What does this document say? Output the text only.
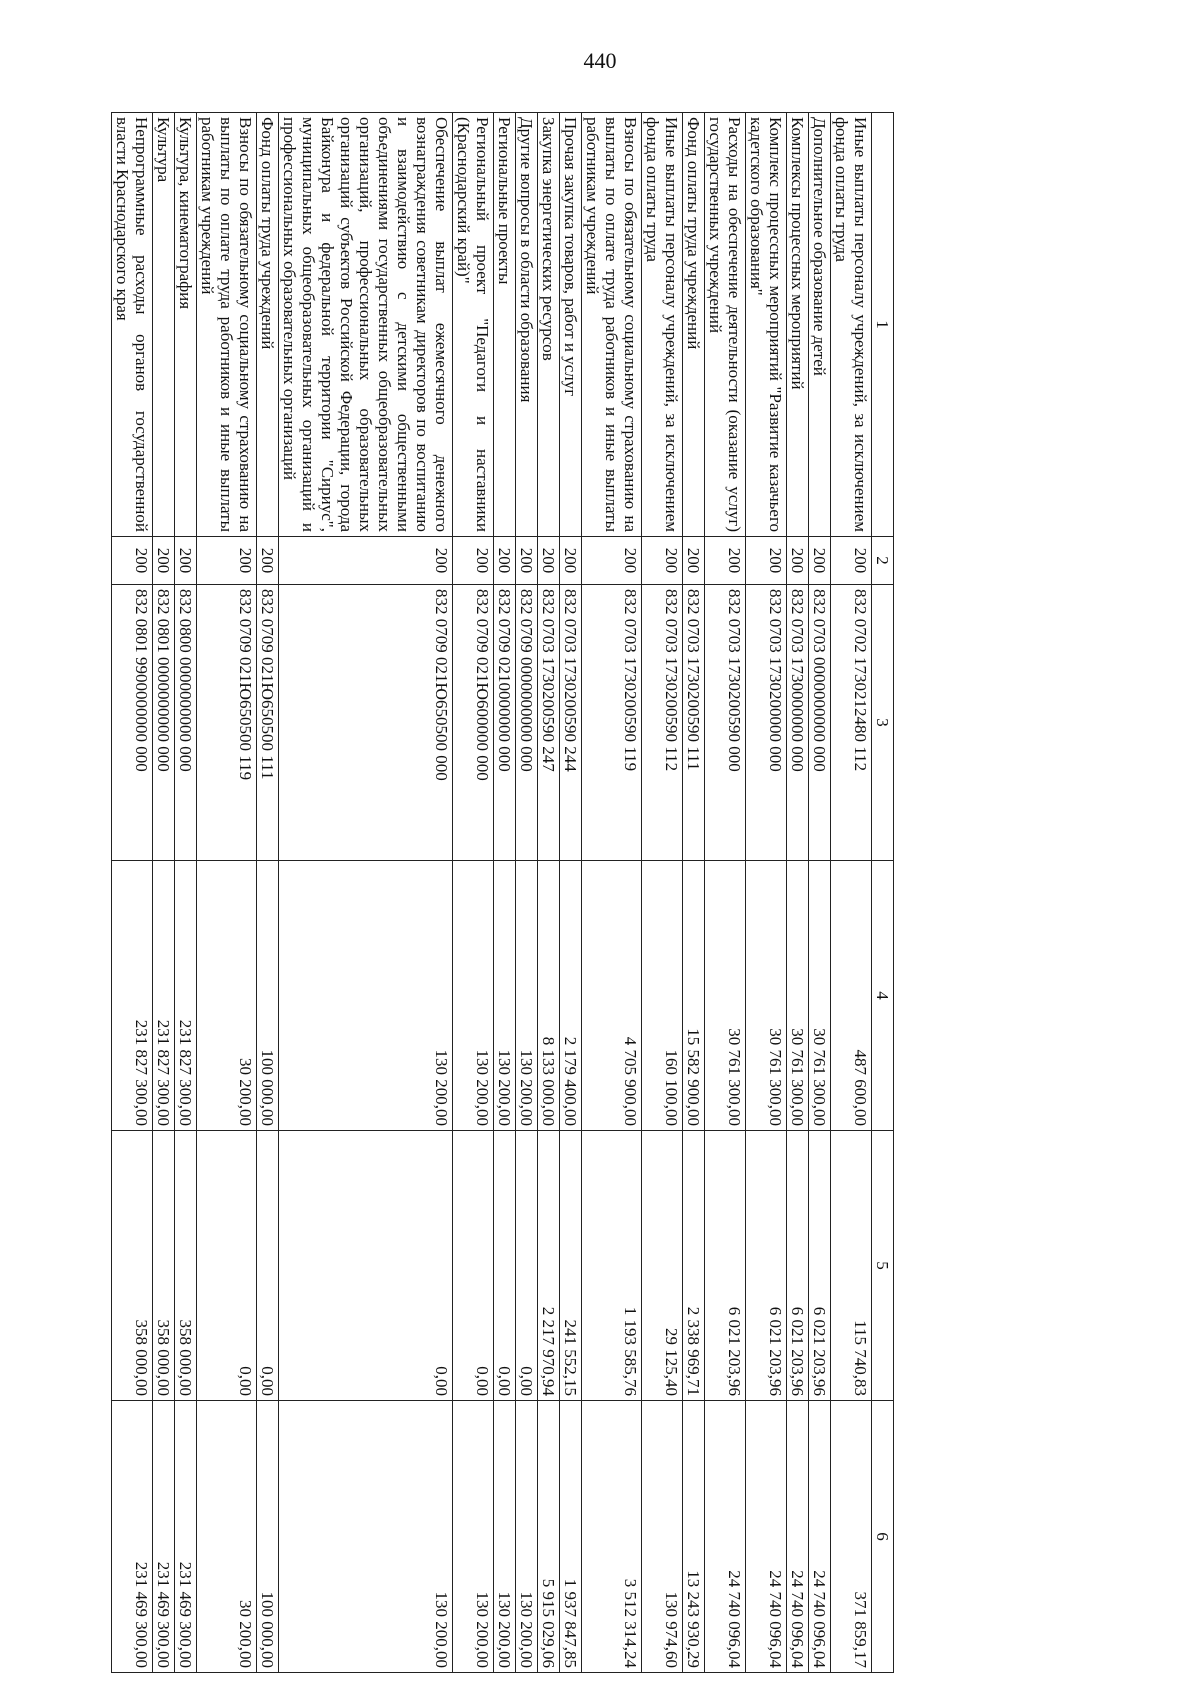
440
1	2	3	4	5	6
Иные выплаты персоналу учреждений, за исключением фонда оплаты труда	200	832 0702 1730212480 112	487 600,00	115 740,83	371 859,17
Дополнительное образование детей	200	832 0703 0000000000 000	30 761 300,00	6 021 203,96	24 740 096,04
Комплексы процессных мероприятий	200	832 0703 1730000000 000	30 761 300,00	6 021 203,96	24 740 096,04
Комплекс процессных мероприятий "Развитие казачьего кадетского образования"	200	832 0703 1730200000 000	30 761 300,00	6 021 203,96	24 740 096,04
Расходы на обеспечение деятельности (оказание услуг) государственных учреждений	200	832 0703 1730200590 000	30 761 300,00	6 021 203,96	24 740 096,04
Фонд оплаты труда учреждений	200	832 0703 1730200590 111	15 582 900,00	2 338 969,71	13 243 930,29
Иные выплаты персоналу учреждений, за исключением фонда оплаты труда	200	832 0703 1730200590 112	160 100,00	29 125,40	130 974,60
Взносы по обязательному социальному страхованию на выплаты по оплате труда работников и иные выплаты работникам учреждений	200	832 0703 1730200590 119	4 705 900,00	1 193 585,76	3 512 314,24
Прочая закупка товаров, работ и услуг	200	832 0703 1730200590 244	2 179 400,00	241 552,15	1 937 847,85
Закупка энергетических ресурсов	200	832 0703 1730200590 247	8 133 000,00	2 217 970,94	5 915 029,06
Другие вопросы в области образования	200	832 0709 0000000000 000	130 200,00	0,00	130 200,00
Региональные проекты	200	832 0709 0210000000 000	130 200,00	0,00	130 200,00
Региональный проект "Педагоги и наставники (Краснодарский край)"	200	832 0709 021Ю600000 000	130 200,00	0,00	130 200,00
Обеспечение выплат ежемесячного денежного вознаграждения советникам директоров по воспитанию и взаимодействию с детскими общественными объединениями государственных общеобразовательных организаций, профессиональных образовательных организаций субъектов Российской Федерации, города Байконура и федеральной территории "Сириус", муниципальных общеобразовательных организаций и профессиональных образовательных организаций	200	832 0709 021Ю650500 000	130 200,00	0,00	130 200,00
Фонд оплаты труда учреждений	200	832 0709 021Ю650500 111	100 000,00	0,00	100 000,00
Взносы по обязательному социальному страхованию на выплаты по оплате труда работников и иные выплаты работникам учреждений	200	832 0709 021Ю650500 119	30 200,00	0,00	30 200,00
Культура, кинематография	200	832 0800 0000000000 000	231 827 300,00	358 000,00	231 469 300,00
Культура	200	832 0801 0000000000 000	231 827 300,00	358 000,00	231 469 300,00
Непрограммные расходы органов государственной власти Краснодарского края	200	832 0801 9900000000 000	231 827 300,00	358 000,00	231 469 300,00
